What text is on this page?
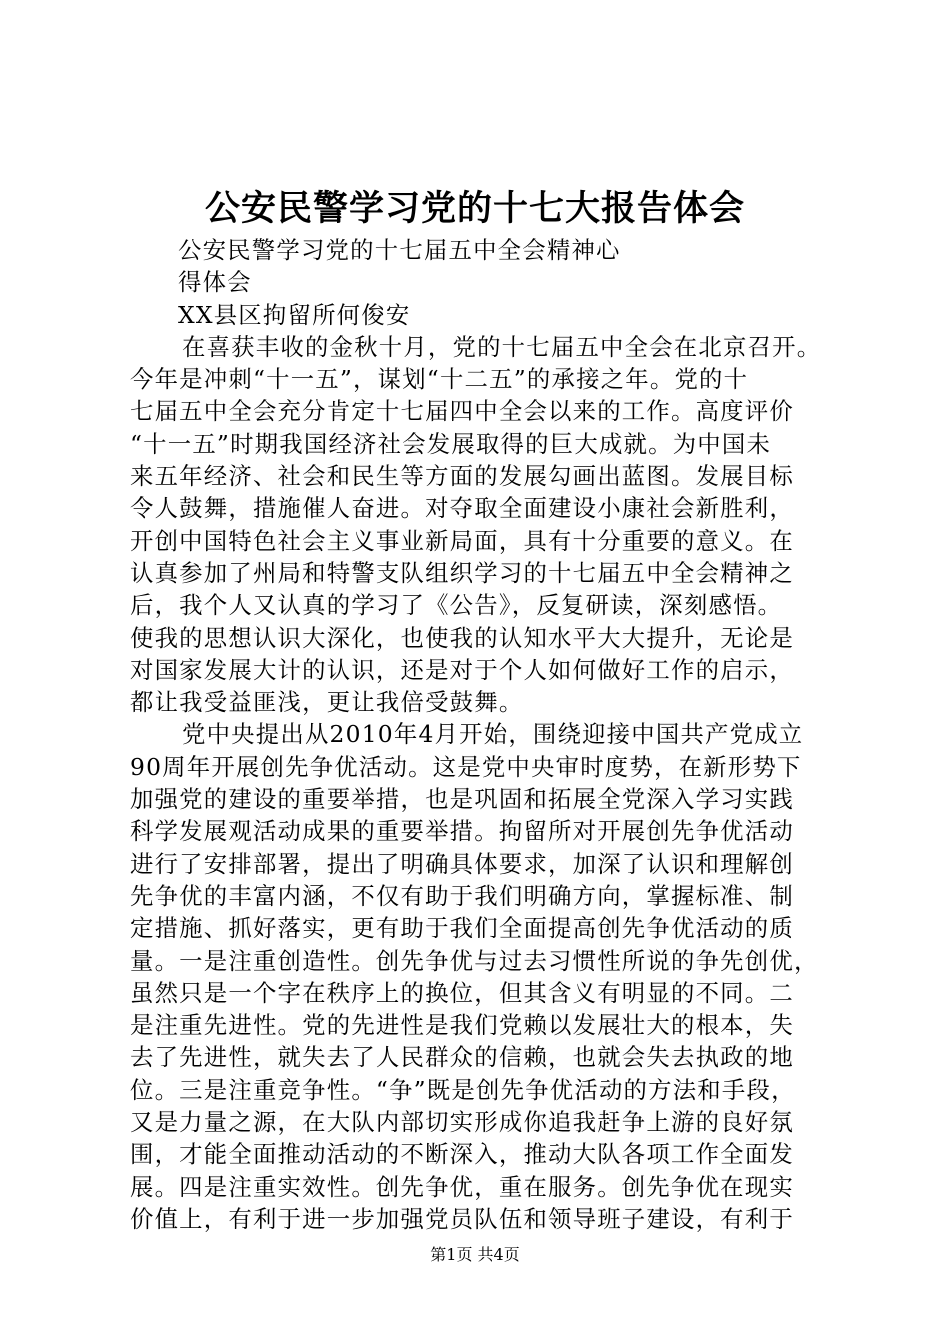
公安民警学习党的十七大报告体会
公安民警学习党的十七届五中全会精神心
得体会
XX县区拘留所何俊安
在喜获丰收的金秋十月，党的十七届五中全会在北京召开。
今年是冲刺“十一五”，谋划“十二五”的承接之年。党的十
七届五中全会充分肯定十七届四中全会以来的工作。高度评价
“十一五”时期我国经济社会发展取得的巨大成就。为中国未
来五年经济、社会和民生等方面的发展勾画出蓝图。发展目标
令人鼓舞，措施催人奋进。对夺取全面建设小康社会新胜利，
开创中国特色社会主义事业新局面，具有十分重要的意义。在
认真参加了州局和特警支队组织学习的十七届五中全会精神之
后，我个人又认真的学习了《公告》，反复研读，深刻感悟。
使我的思想认识大深化，也使我的认知水平大大提升，无论是
对国家发展大计的认识，还是对于个人如何做好工作的启示，
都让我受益匪浅，更让我倍受鼓舞。
党中央提出从2010年4月开始，围绕迎接中国共产党成立
90周年开展创先争优活动。这是党中央审时度势，在新形势下
加强党的建设的重要举措，也是巩固和拓展全党深入学习实践
科学发展观活动成果的重要举措。拘留所对开展创先争优活动
进行了安排部署，提出了明确具体要求，加深了认识和理解创
先争优的丰富内涵，不仅有助于我们明确方向，掌握标准、制
定措施、抓好落实，更有助于我们全面提高创先争优活动的质
量。一是注重创造性。创先争优与过去习惯性所说的争先创优，
虽然只是一个字在秩序上的换位，但其含义有明显的不同。二
是注重先进性。党的先进性是我们党赖以发展壮大的根本，失
去了先进性，就失去了人民群众的信赖，也就会失去执政的地
位。三是注重竞争性。“争”既是创先争优活动的方法和手段，
又是力量之源，在大队内部切实形成你追我赶争上游的良好氛
围，才能全面推动活动的不断深入，推动大队各项工作全面发
展。四是注重实效性。创先争优，重在服务。创先争优在现实
价值上，有利于进一步加强党员队伍和领导班子建设，有利于
第1页 共4页
